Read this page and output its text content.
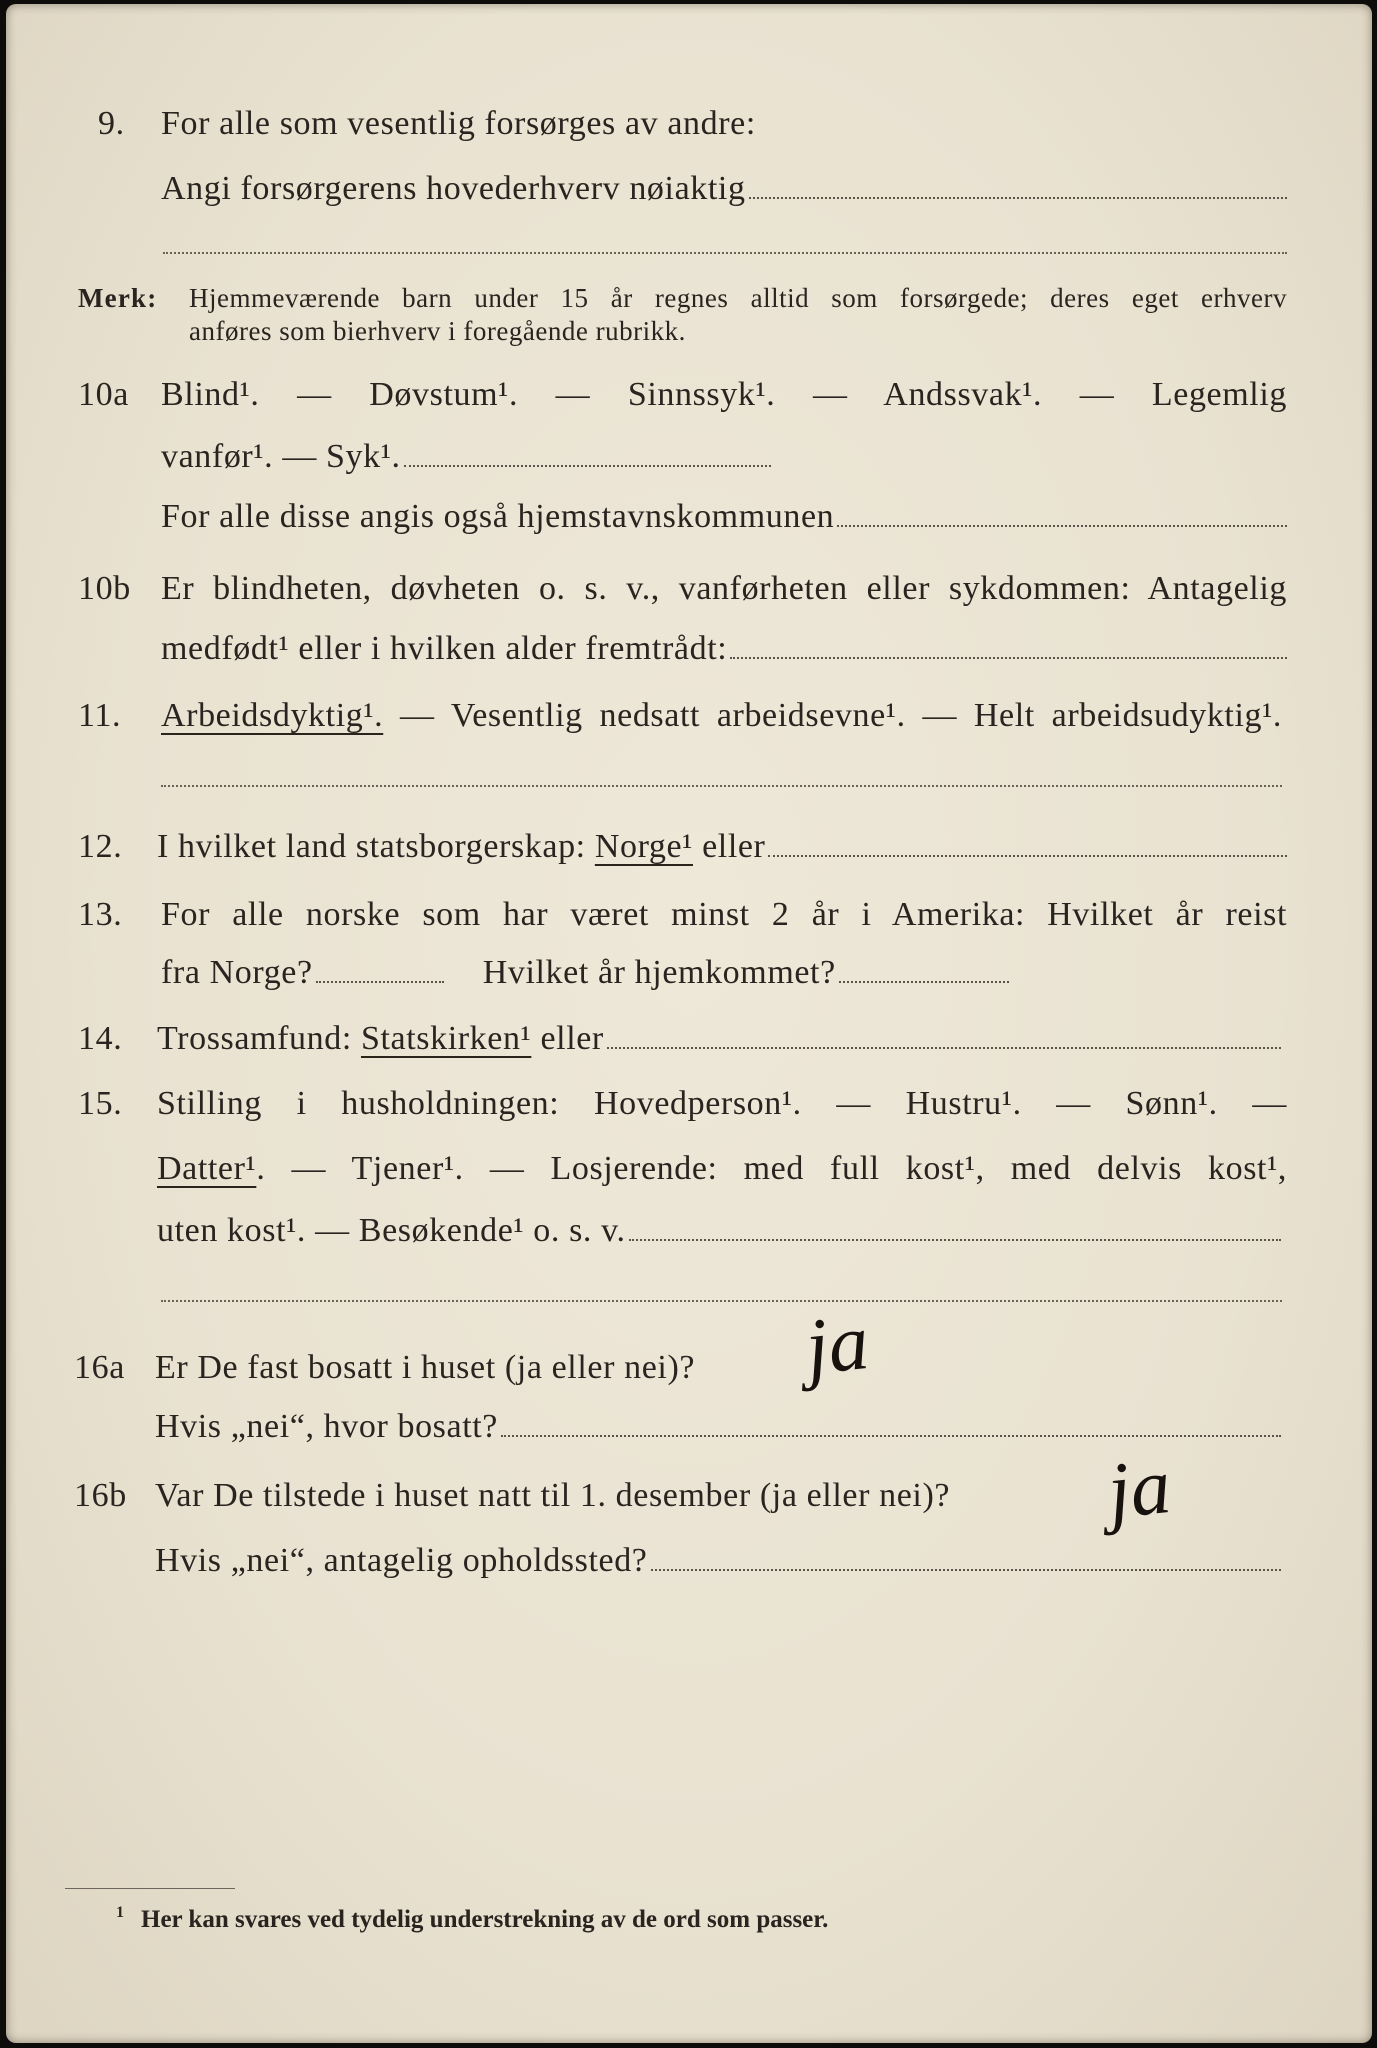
9. For alle som vesentlig forsørges av andre:
Angi forsørgerens hovederhverv nøiaktig
Merk: Hjemmeværende barn under 15 år regnes alltid som forsørgede; deres eget erhverv
anføres som bierhverv i foregående rubrikk.
10a Blind¹. — Døvstum¹. — Sinnssyk¹. — Andssvak¹. — Legemlig
vanfør¹. — Syk¹.
For alle disse angis også hjemstavnskommunen
10b Er blindheten, døvheten o. s. v., vanførheten eller sykdommen: Antagelig
medfødt¹ eller i hvilken alder fremtrådt:
11. Arbeidsdyktig¹. — Vesentlig nedsatt arbeidsevne¹. — Helt arbeidsudyktig¹.
12. I hvilket land statsborgerskap: Norge¹ eller
13. For alle norske som har været minst 2 år i Amerika: Hvilket år reist
fra Norge?	Hvilket år hjemkommet?
14. Trossamfund: Statskirken¹ eller
15. Stilling i husholdningen: Hovedperson¹. — Hustru¹. — Sønn¹. —
Datter¹. — Tjener¹. — Losjerende: med full kost¹, med delvis kost¹,
uten kost¹. — Besøkende¹ o. s. v.
16a Er De fast bosatt i huset (ja eller nei)? ja
Hvis „nei“, hvor bosatt?
16b Var De tilstede i huset natt til 1. desember (ja eller nei)? ja
Hvis „nei“, antagelig opholdssted?
1 Her kan svares ved tydelig understrekning av de ord som passer.
